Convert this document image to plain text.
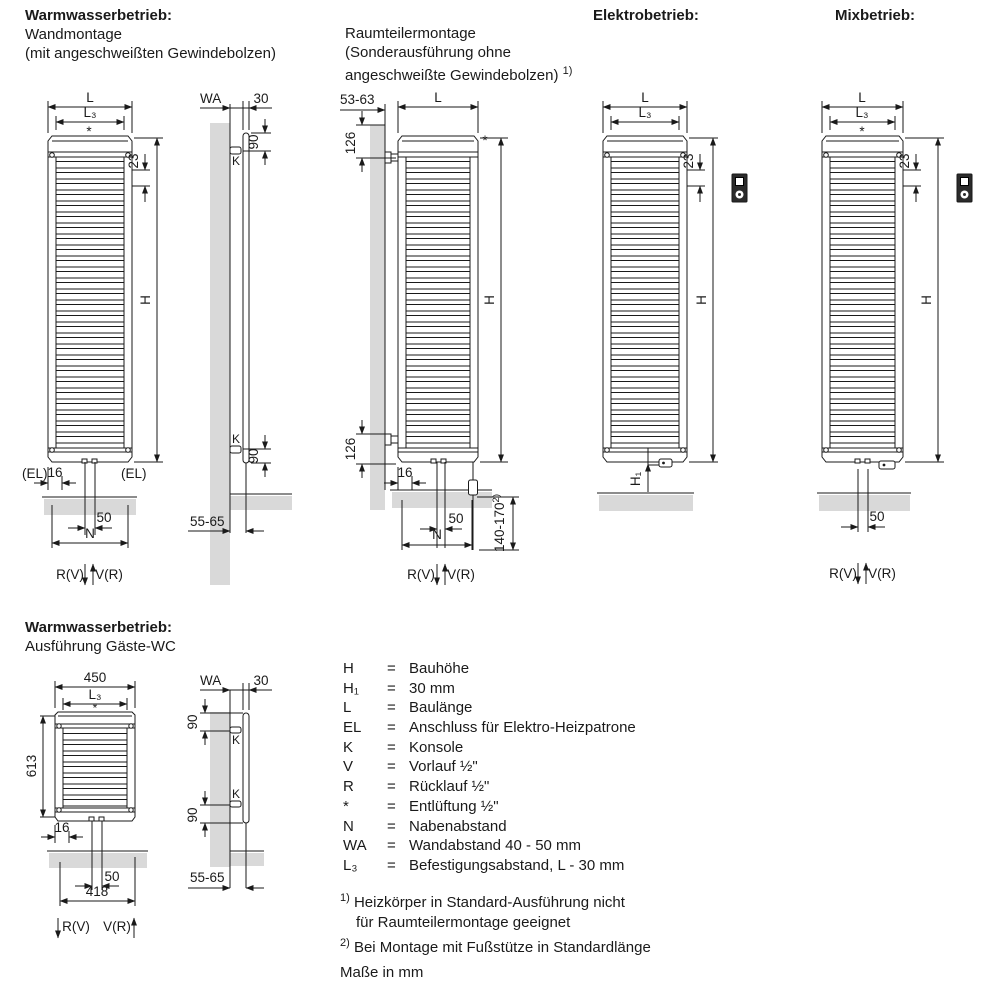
Warmwasserbetrieb:
Wandmontage
(mit angeschweißten Gewindebolzen)
Raumteilermontage
(Sonderausführung ohne
angeschweißte Gewindebolzen) $^{1)}$
Elektrobetrieb:	Mixbetrieb:
Warmwasserbetrieb:
Ausführung Gäste-WC
L
L₃
*
23
H
(EL)	(EL)
16
50
N
R(V) V(R)
WA 30
K
90
K
90
55-65
53-63	L
*
126
126
H
16
140-170$^{2)}$
50
N
R(V) V(R)
L
L₃
23
H
H₁
L
L₃
*
23
H
50
R(V) V(R)
450
L₃
*
613
16
50
418
R(V) V(R)
WA 30
K
90
K
90
55-65
H	= Bauhöhe
H₁	= 30 mm
L	= Baulänge
EL	= Anschluss für Elektro-Heizpatrone
K	= Konsole
V	= Vorlauf ½"
R	= Rücklauf ½"
*	= Entlüftung ½"
N	= Nabenabstand
WA	= Wandabstand 40 - 50 mm
L₃	= Befestigungsabstand, L - 30 mm
$^{1)}$ Heizkörper in Standard-Ausführung nicht
für Raumteilermontage geeignet
$^{2)}$ Bei Montage mit Fußstütze in Standardlänge
Maße in mm
